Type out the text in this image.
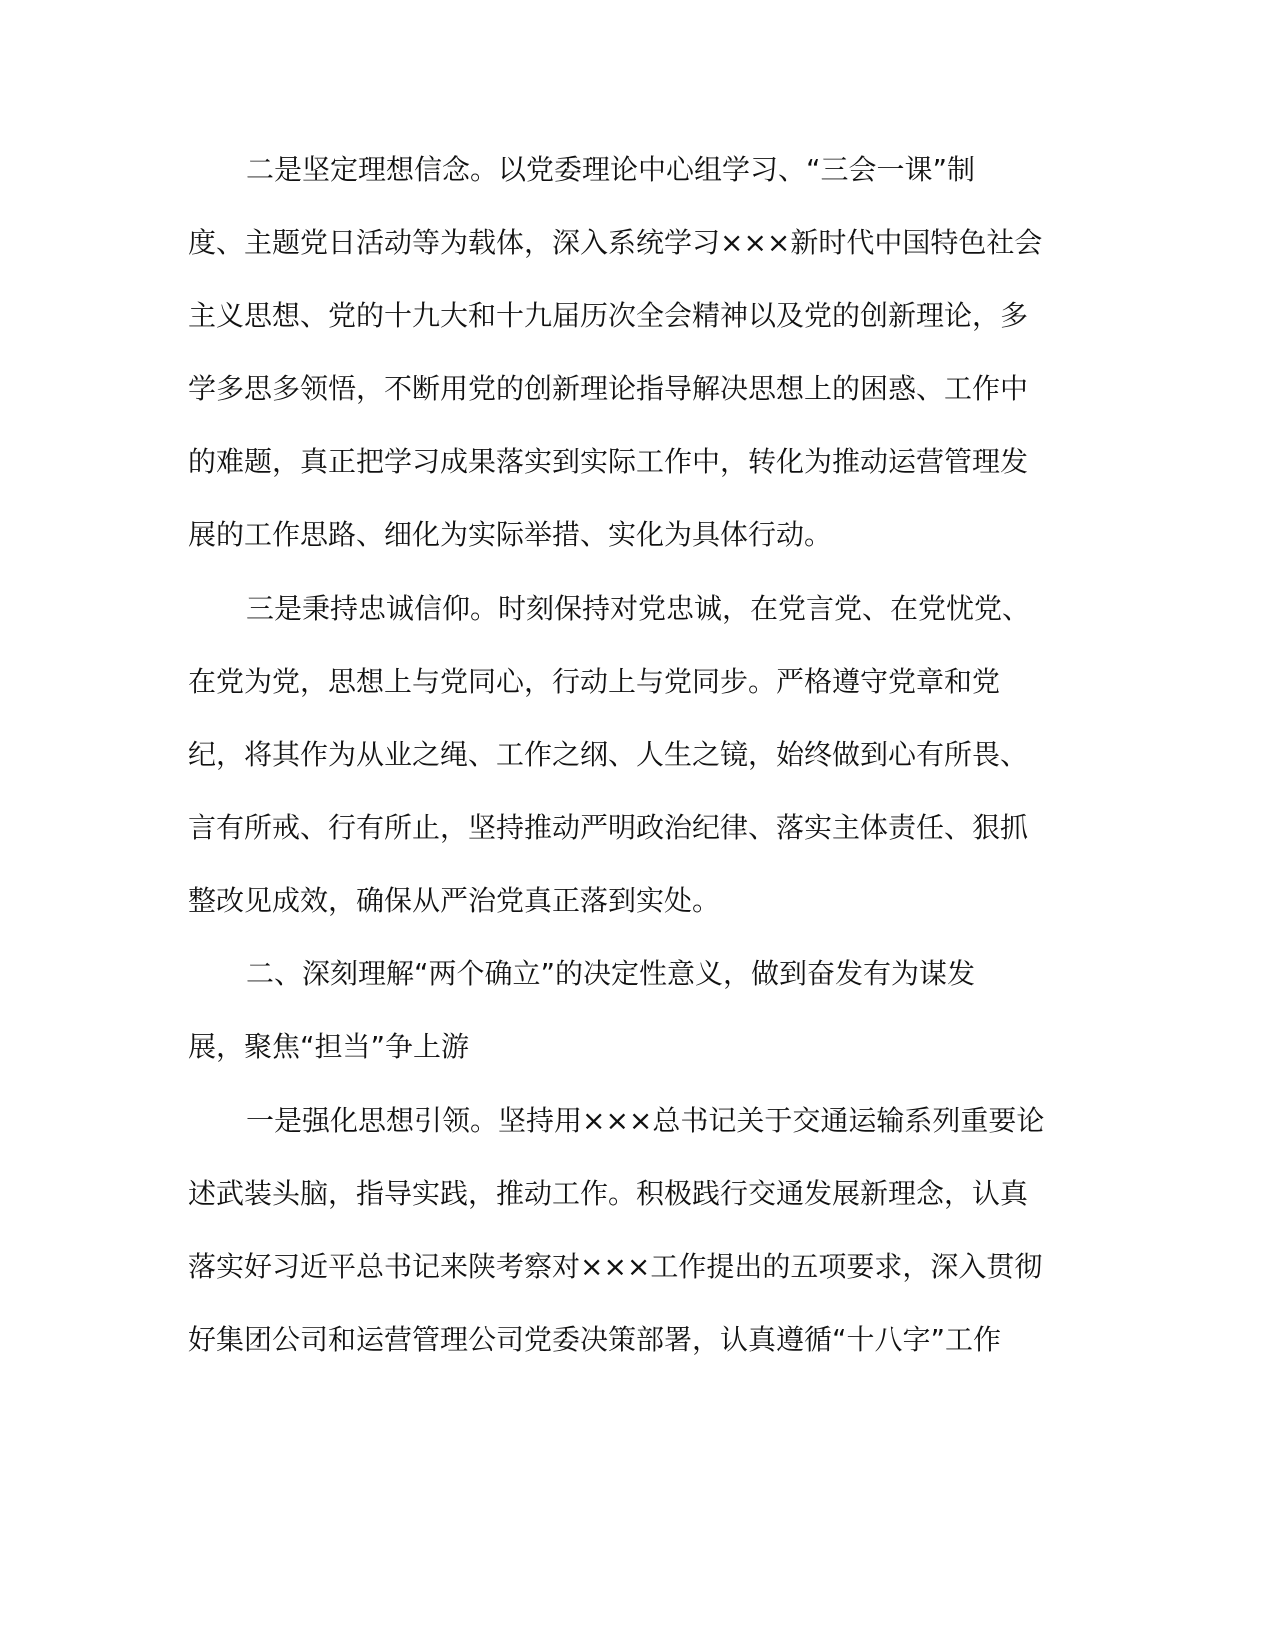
二是坚定理想信念。以党委理论中心组学习、“三会一课”制
度、主题党日活动等为载体，深入系统学习×××新时代中国特色社会
主义思想、党的十九大和十九届历次全会精神以及党的创新理论，多
学多思多领悟，不断用党的创新理论指导解决思想上的困惑、工作中
的难题，真正把学习成果落实到实际工作中，转化为推动运营管理发
展的工作思路、细化为实际举措、实化为具体行动。
三是秉持忠诚信仰。时刻保持对党忠诚，在党言党、在党忧党、
在党为党，思想上与党同心，行动上与党同步。严格遵守党章和党
纪，将其作为从业之绳、工作之纲、人生之镜，始终做到心有所畏、
言有所戒、行有所止，坚持推动严明政治纪律、落实主体责任、狠抓
整改见成效，确保从严治党真正落到实处。
二、深刻理解“两个确立”的决定性意义，做到奋发有为谋发
展，聚焦“担当”争上游
一是强化思想引领。坚持用×××总书记关于交通运输系列重要论
述武装头脑，指导实践，推动工作。积极践行交通发展新理念，认真
落实好习近平总书记来陕考察对×××工作提出的五项要求，深入贯彻
好集团公司和运营管理公司党委决策部署，认真遵循“十八字”工作
